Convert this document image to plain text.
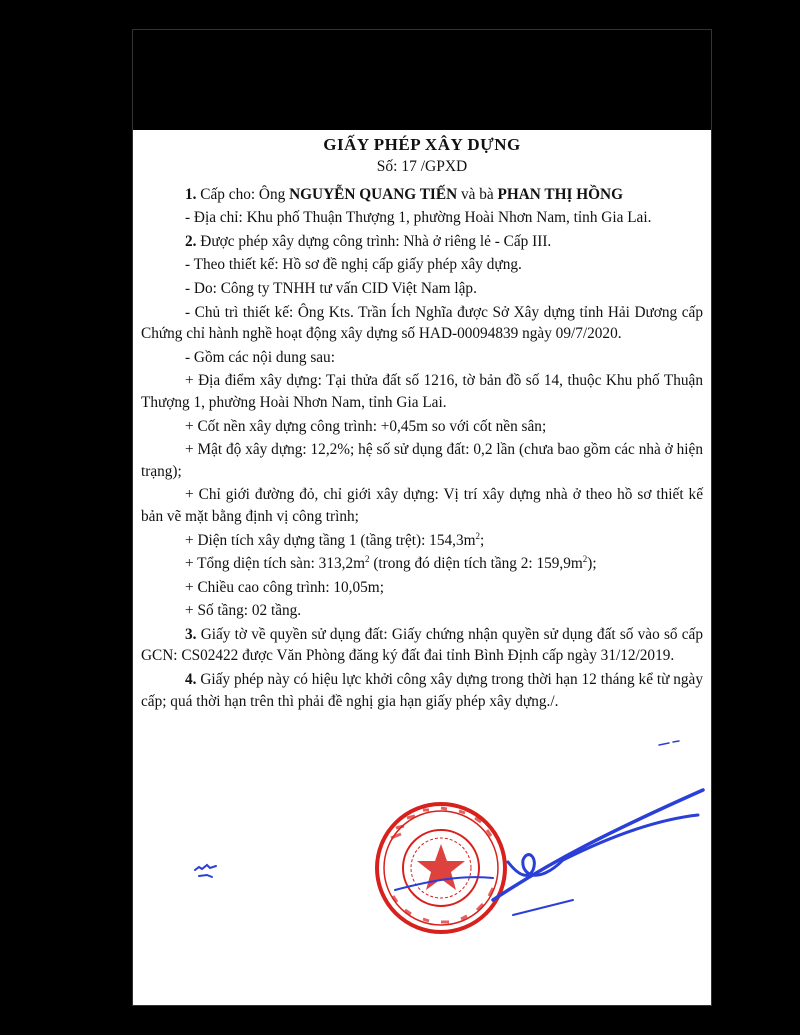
GIẤY PHÉP XÂY DỰNG
Số: 17 /GPXD

1. Cấp cho: Ông NGUYỄN QUANG TIẾN và bà PHAN THỊ HỒNG

- Địa chỉ: Khu phố Thuận Thượng 1, phường Hoài Nhơn Nam, tỉnh Gia Lai.

2. Được phép xây dựng công trình: Nhà ở riêng lẻ - Cấp III.

- Theo thiết kế: Hồ sơ đề nghị cấp giấy phép xây dựng.

- Do: Công ty TNHH tư vấn CID Việt Nam lập.

- Chủ trì thiết kế: Ông Kts. Trần Ích Nghĩa được Sở Xây dựng tỉnh Hải Dương cấp Chứng chỉ hành nghề hoạt động xây dựng số HAD-00094839 ngày 09/7/2020.

- Gồm các nội dung sau:

+ Địa điểm xây dựng: Tại thửa đất số 1216, tờ bản đồ số 14, thuộc Khu phố Thuận Thượng 1, phường Hoài Nhơn Nam, tỉnh Gia Lai.

+ Cốt nền xây dựng công trình: +0,45m so với cốt nền sân;

+ Mật độ xây dựng: 12,2%; hệ số sử dụng đất: 0,2 lần (chưa bao gồm các nhà ở hiện trạng);

+ Chỉ giới đường đỏ, chỉ giới xây dựng: Vị trí xây dựng nhà ở theo hồ sơ thiết kế bản vẽ mặt bằng định vị công trình;

+ Diện tích xây dựng tầng 1 (tầng trệt): $154,3m^2$;

+ Tổng diện tích sàn: $313,2m^2$ (trong đó diện tích tầng 2: $159,9m^2$);

+ Chiều cao công trình: 10,05m;

+ Số tầng: 02 tầng.

3. Giấy tờ về quyền sử dụng đất: Giấy chứng nhận quyền sử dụng đất số vào sổ cấp GCN: CS02422 được Văn Phòng đăng ký đất đai tỉnh Bình Định cấp ngày 31/12/2019.

4. Giấy phép này có hiệu lực khởi công xây dựng trong thời hạn 12 tháng kể từ ngày cấp; quá thời hạn trên thì phải đề nghị gia hạn giấy phép xây dựng./.
